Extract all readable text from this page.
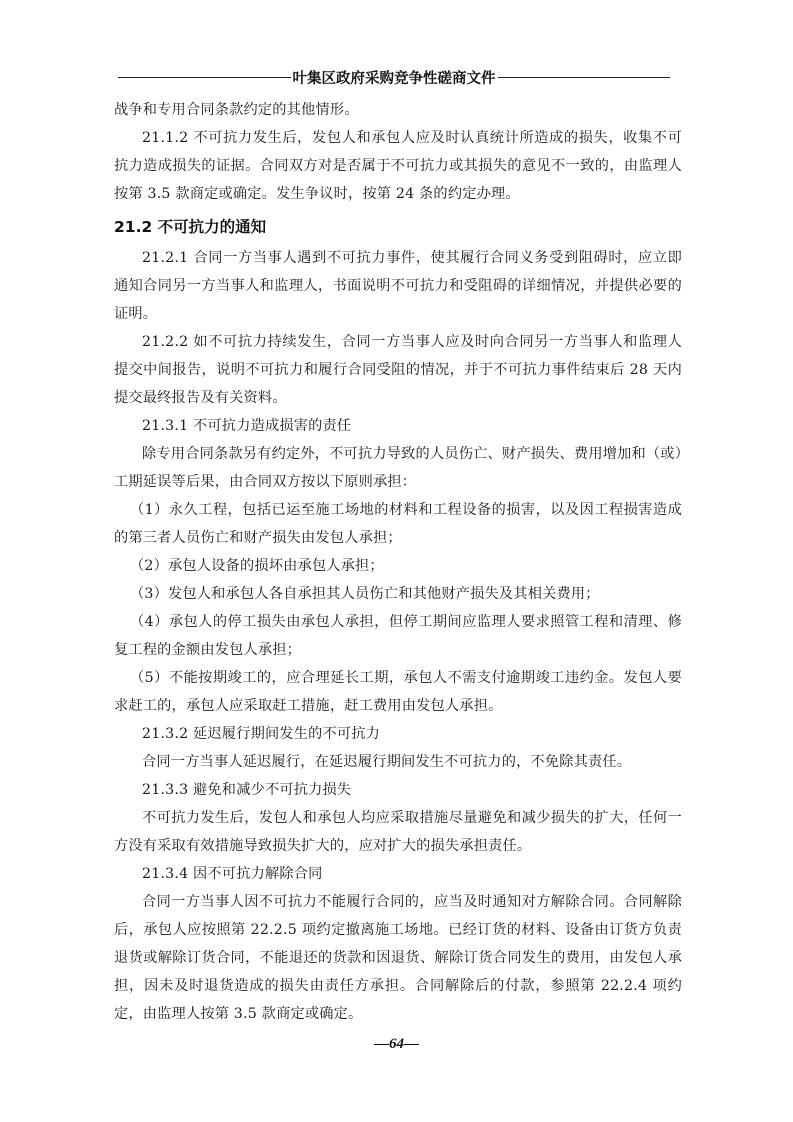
叶集区政府采购竞争性磋商文件

战争和专用合同条款约定的其他情形。

21.1.2 不可抗力发生后，发包人和承包人应及时认真统计所造成的损失，收集不可抗力造成损失的证据。合同双方对是否属于不可抗力或其损失的意见不一致的，由监理人按第 3.5 款商定或确定。发生争议时，按第 24 条的约定办理。

21.2 不可抗力的通知

21.2.1 合同一方当事人遇到不可抗力事件，使其履行合同义务受到阻碍时，应立即通知合同另一方当事人和监理人，书面说明不可抗力和受阻碍的详细情况，并提供必要的证明。

21.2.2 如不可抗力持续发生，合同一方当事人应及时向合同另一方当事人和监理人提交中间报告，说明不可抗力和履行合同受阻的情况，并于不可抗力事件结束后 28 天内提交最终报告及有关资料。

21.3.1 不可抗力造成损害的责任

除专用合同条款另有约定外，不可抗力导致的人员伤亡、财产损失、费用增加和（或）工期延误等后果，由合同双方按以下原则承担：

（1）永久工程，包括已运至施工场地的材料和工程设备的损害，以及因工程损害造成的第三者人员伤亡和财产损失由发包人承担；

（2）承包人设备的损坏由承包人承担；

（3）发包人和承包人各自承担其人员伤亡和其他财产损失及其相关费用；

（4）承包人的停工损失由承包人承担，但停工期间应监理人要求照管工程和清理、修复工程的金额由发包人承担；

（5）不能按期竣工的，应合理延长工期，承包人不需支付逾期竣工违约金。发包人要求赶工的，承包人应采取赶工措施，赶工费用由发包人承担。

21.3.2 延迟履行期间发生的不可抗力

合同一方当事人延迟履行，在延迟履行期间发生不可抗力的，不免除其责任。

21.3.3 避免和减少不可抗力损失

不可抗力发生后，发包人和承包人均应采取措施尽量避免和减少损失的扩大，任何一方没有采取有效措施导致损失扩大的，应对扩大的损失承担责任。

21.3.4 因不可抗力解除合同

合同一方当事人因不可抗力不能履行合同的，应当及时通知对方解除合同。合同解除后，承包人应按照第 22.2.5 项约定撤离施工场地。已经订货的材料、设备由订货方负责退货或解除订货合同，不能退还的货款和因退货、解除订货合同发生的费用，由发包人承担，因未及时退货造成的损失由责任方承担。合同解除后的付款，参照第 22.2.4 项约定，由监理人按第 3.5 款商定或确定。

—64—
